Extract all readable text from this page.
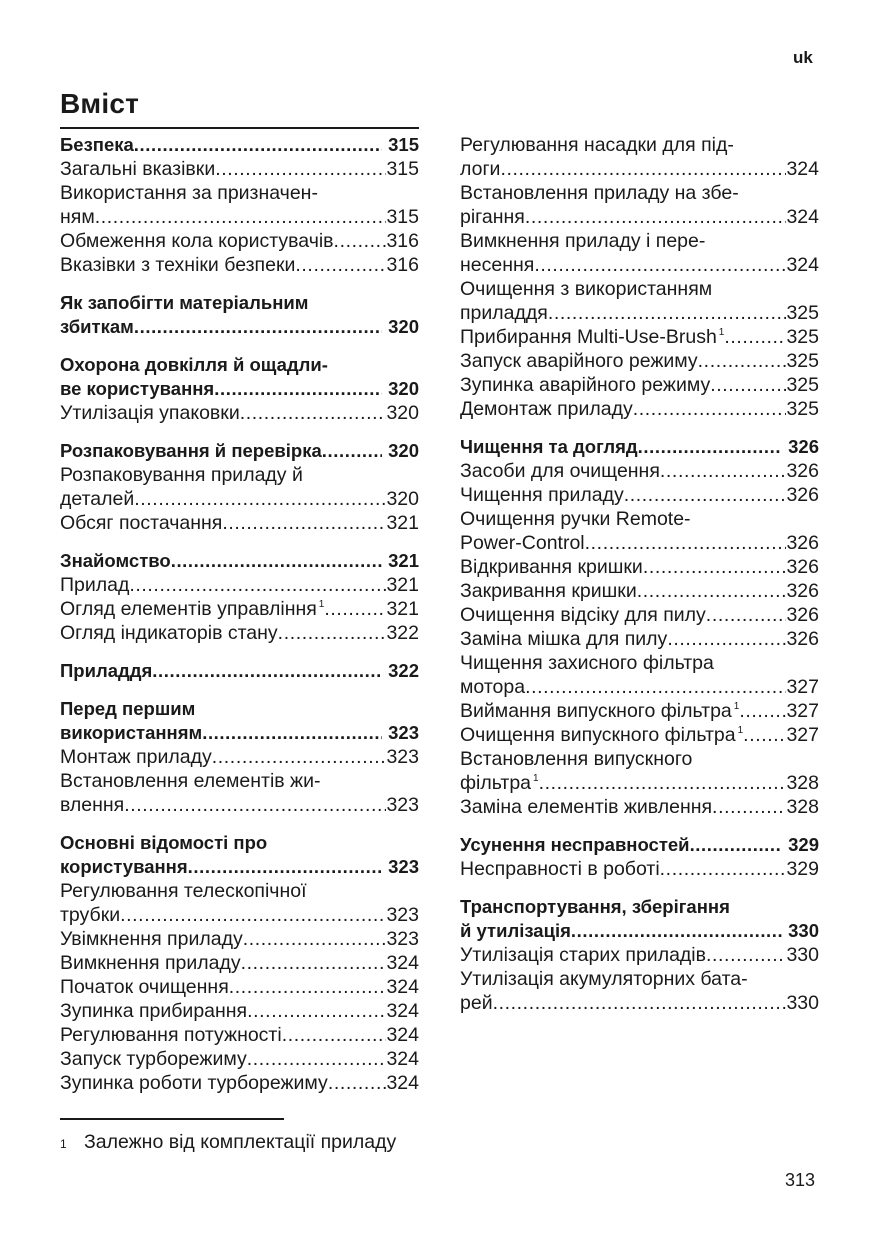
uk
Вміст
Безпека .....	315
Загальні вказівки .....	315
Використання за призначен-
ням .....	315
Обмеження кола користувачів .....	316
Вказівки з техніки безпеки .....	316
Як запобігти матеріальним
збиткам .....	320
Охорона довкілля й ощадли-
ве користування .....	320
Утилізація упаковки .....	320
Розпаковування й перевірка .....	320
Розпаковування приладу й
деталей .....	320
Обсяг постачання .....	321
Знайомство .....	321
Прилад .....	321
Огляд елементів управління $^1$ .....	321
Огляд індикаторів стану .....	322
Приладдя .....	322
Перед першим
використанням .....	323
Монтаж приладу .....	323
Встановлення елементів жи-
влення .....	323
Основні відомості про
користування .....	323
Регулювання телескопічної
трубки .....	323
Увімкнення приладу .....	323
Вимкнення приладу .....	324
Початок очищення .....	324
Зупинка прибирання .....	324
Регулювання потужності .....	324
Запуск турборежиму .....	324
Зупинка роботи турборежиму .....	324
Регулювання насадки для під-
логи .....	324
Встановлення приладу на збе-
рігання .....	324
Вимкнення приладу і пере-
несення .....	324
Очищення з використанням
приладдя .....	325
Прибирання Multi-Use-Brush $^1$ .....	325
Запуск аварійного режиму .....	325
Зупинка аварійного режиму .....	325
Демонтаж приладу .....	325
Чищення та догляд .....	326
Засоби для очищення .....	326
Чищення приладу .....	326
Очищення ручки Remote-
Power-Control .....	326
Відкривання кришки .....	326
Закривання кришки .....	326
Очищення відсіку для пилу .....	326
Заміна мішка для пилу .....	326
Чищення захисного фільтра
мотора .....	327
Виймання випускного фільтра $^1$ ..... 327
Очищення випускного фільтра $^1$ ..... 327
Встановлення випускного
фільтра $^1$ .....	328
Заміна елементів живлення .....	328
Усунення несправностей .....	329
Несправності в роботі .....	329
Транспортування, зберігання
й утилізація .....	330
Утилізація старих приладів .....	330
Утилізація акумуляторних бата-
рей .....	330
1 Залежно від комплектації приладу
313
